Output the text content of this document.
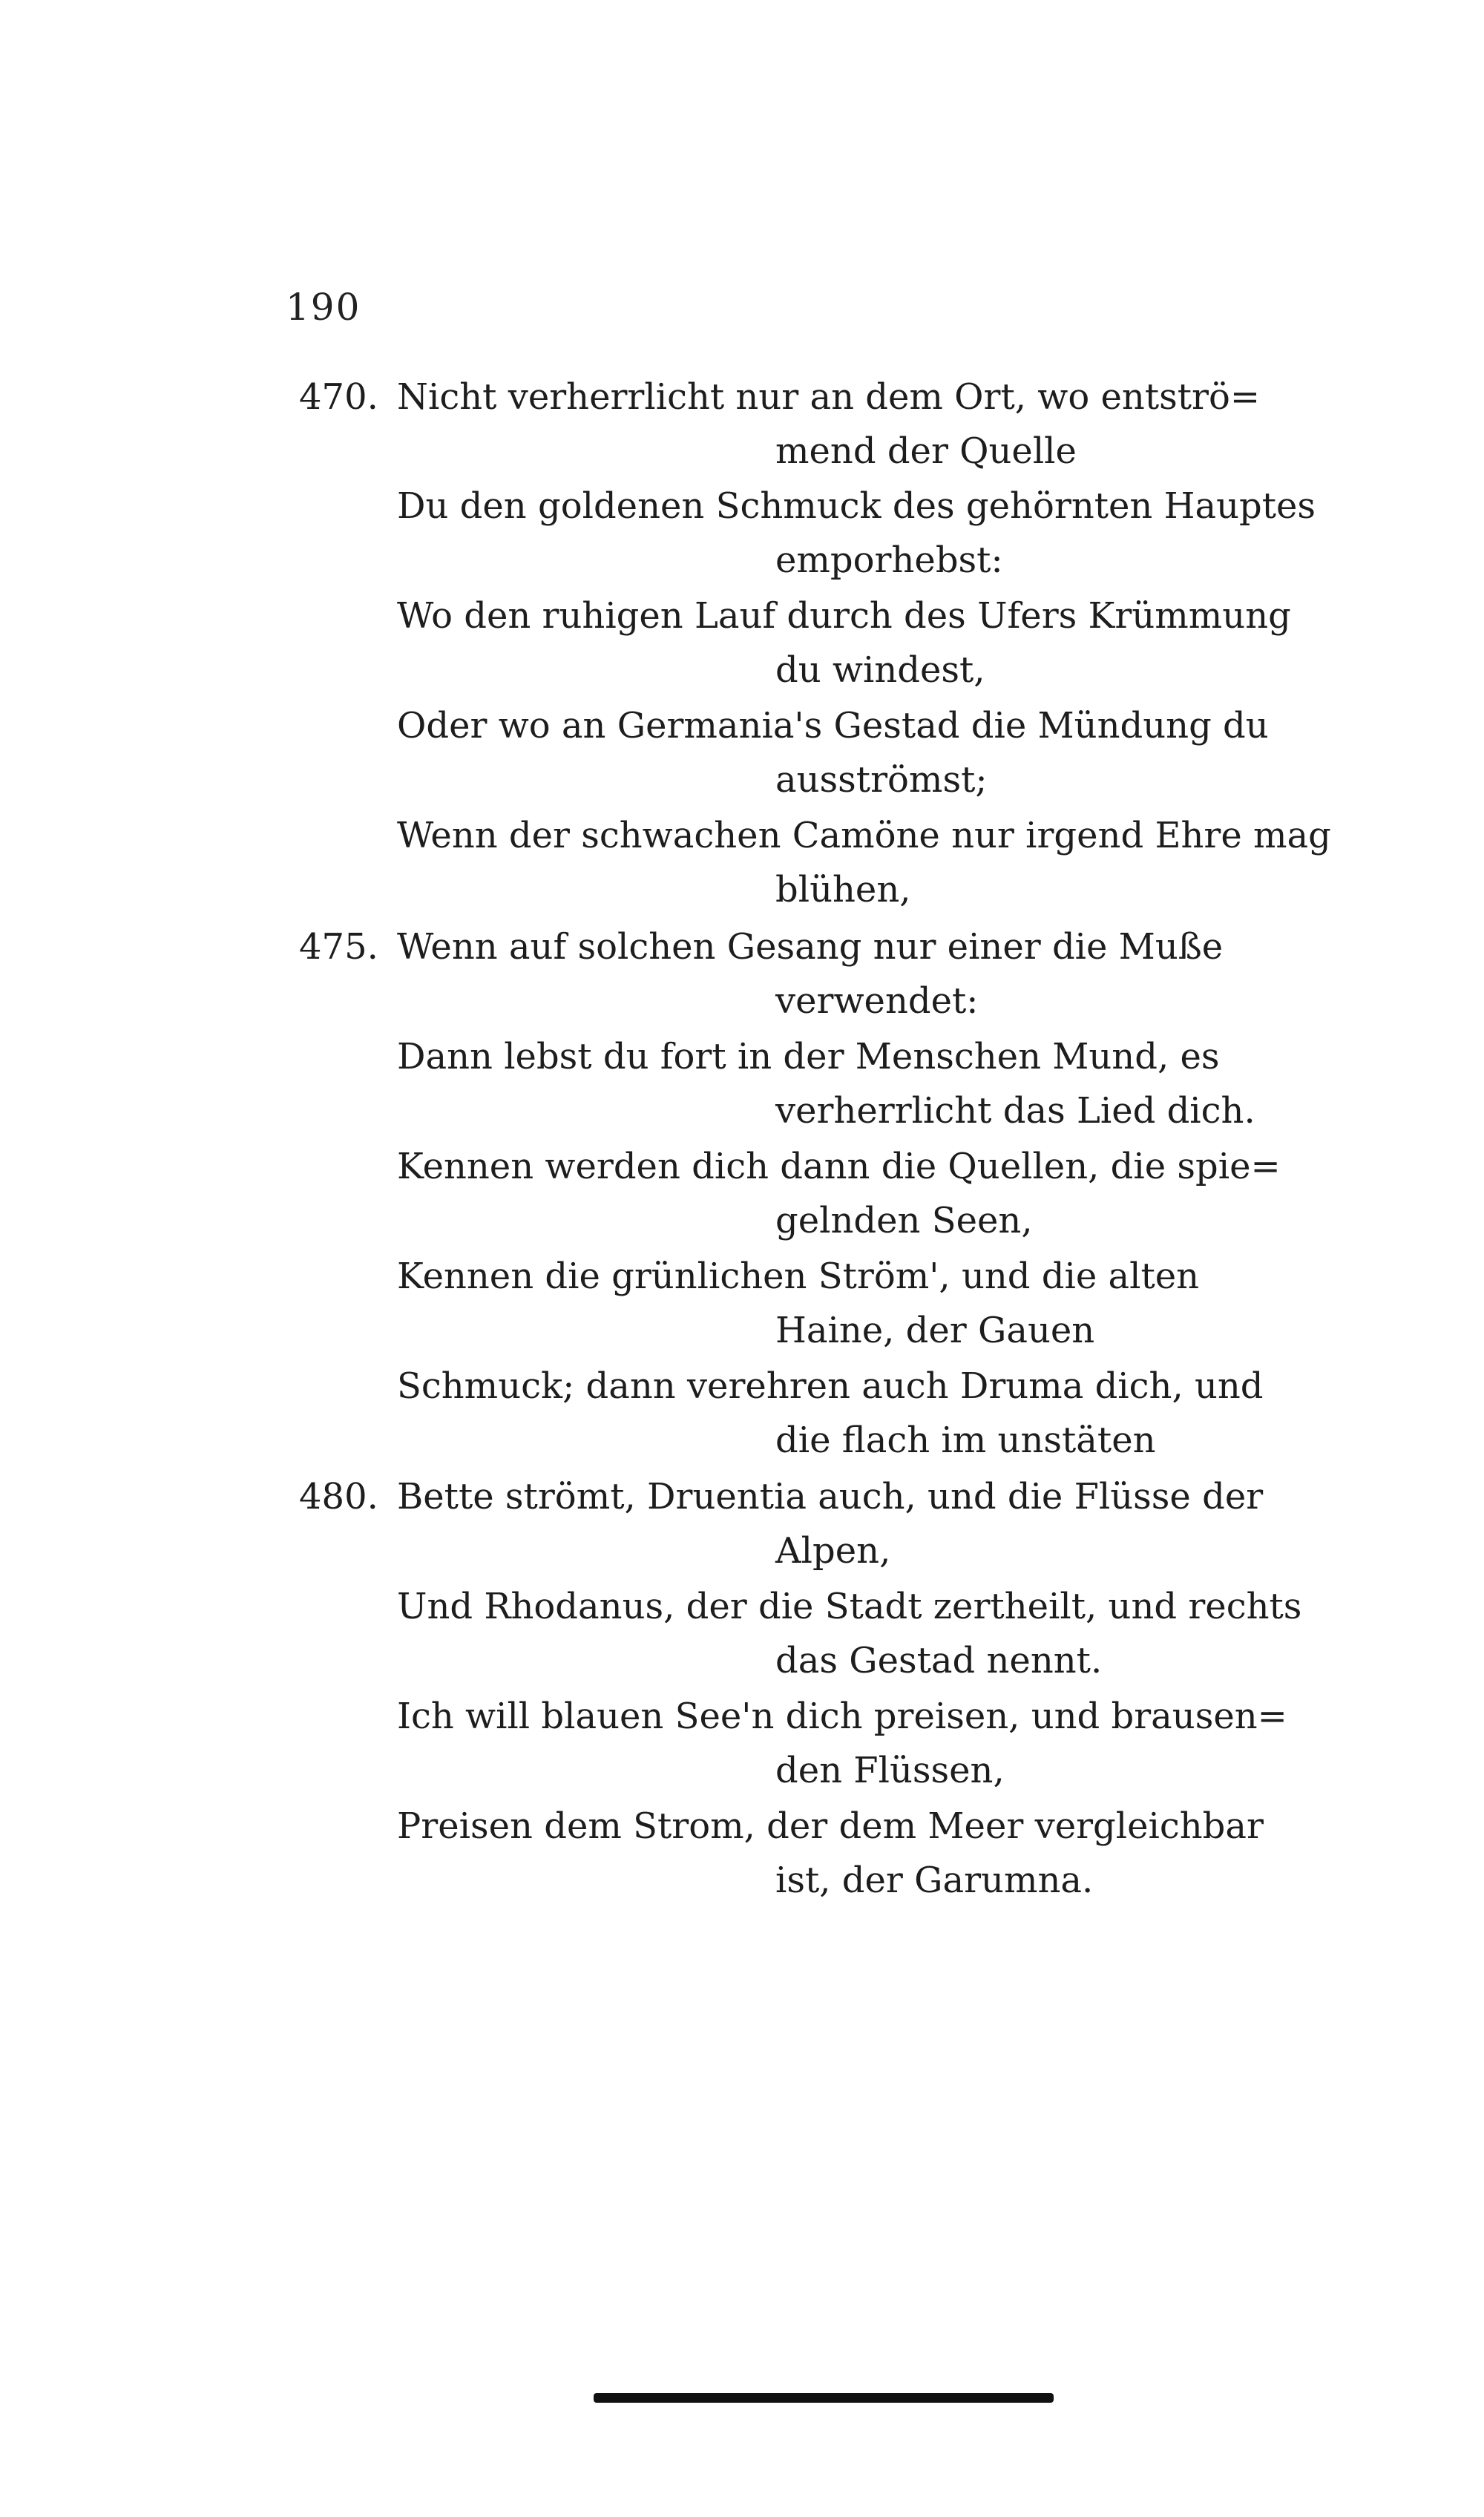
190
470. Nicht verherrlicht nur an dem Ort, wo entströ=
mend der Quelle
Du den goldenen Schmuck des gehörnten Hauptes
emporhebst:
Wo den ruhigen Lauf durch des Ufers Krümmung
du windest,
Oder wo an Germania's Gestad die Mündung du
ausströmst;
Wenn der schwachen Camöne nur irgend Ehre mag
blühen,
475. Wenn auf solchen Gesang nur einer die Muße
verwendet:
Dann lebst du fort in der Menschen Mund, es
verherrlicht das Lied dich.
Kennen werden dich dann die Quellen, die spie=
gelnden Seen,
Kennen die grünlichen Ström', und die alten
Haine, der Gauen
Schmuck; dann verehren auch Druma dich, und
die flach im unstäten
480. Bette strömt, Druentia auch, und die Flüsse der
Alpen,
Und Rhodanus, der die Stadt zertheilt, und rechts
das Gestad nennt.
Ich will blauen See'n dich preisen, und brausen=
den Flüssen,
Preisen dem Strom, der dem Meer vergleichbar
ist, der Garumna.
